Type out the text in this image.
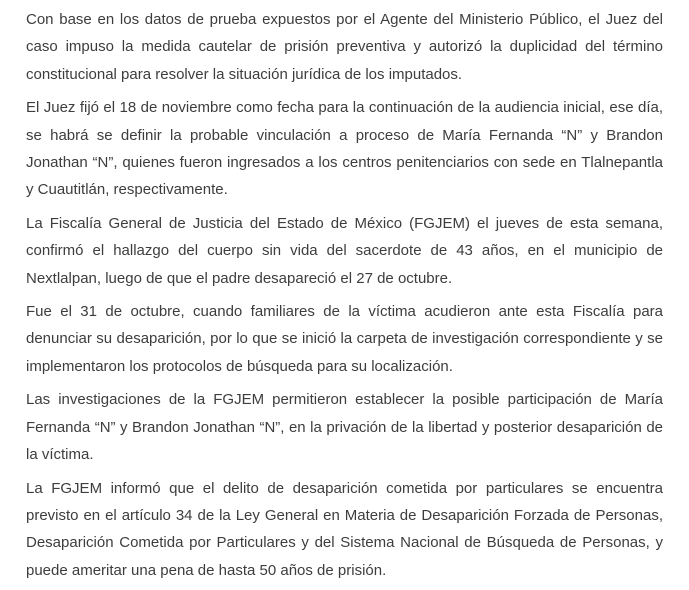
Con base en los datos de prueba expuestos por el Agente del Ministerio Público, el Juez del caso impuso la medida cautelar de prisión preventiva y autorizó la duplicidad del término constitucional para resolver la situación jurídica de los imputados.

El Juez fijó el 18 de noviembre como fecha para la continuación de la audiencia inicial, ese día, se habrá se definir la probable vinculación a proceso de María Fernanda “N” y Brandon Jonathan “N”, quienes fueron ingresados a los centros penitenciarios con sede en Tlalnepantla y Cuautitlán, respectivamente.

La Fiscalía General de Justicia del Estado de México (FGJEM) el jueves de esta semana, confirmó el hallazgo del cuerpo sin vida del sacerdote de 43 años, en el municipio de Nextlalpan, luego de que el padre desapareció el 27 de octubre.

Fue el 31 de octubre, cuando familiares de la víctima acudieron ante esta Fiscalía para denunciar su desaparición, por lo que se inició la carpeta de investigación correspondiente y se implementaron los protocolos de búsqueda para su localización.

Las investigaciones de la FGJEM permitieron establecer la posible participación de María Fernanda “N” y Brandon Jonathan “N”, en la privación de la libertad y posterior desaparición de la víctima.

La FGJEM informó que el delito de desaparición cometida por particulares se encuentra previsto en el artículo 34 de la Ley General en Materia de Desaparición Forzada de Personas, Desaparición Cometida por Particulares y del Sistema Nacional de Búsqueda de Personas, y puede ameritar una pena de hasta 50 años de prisión.
